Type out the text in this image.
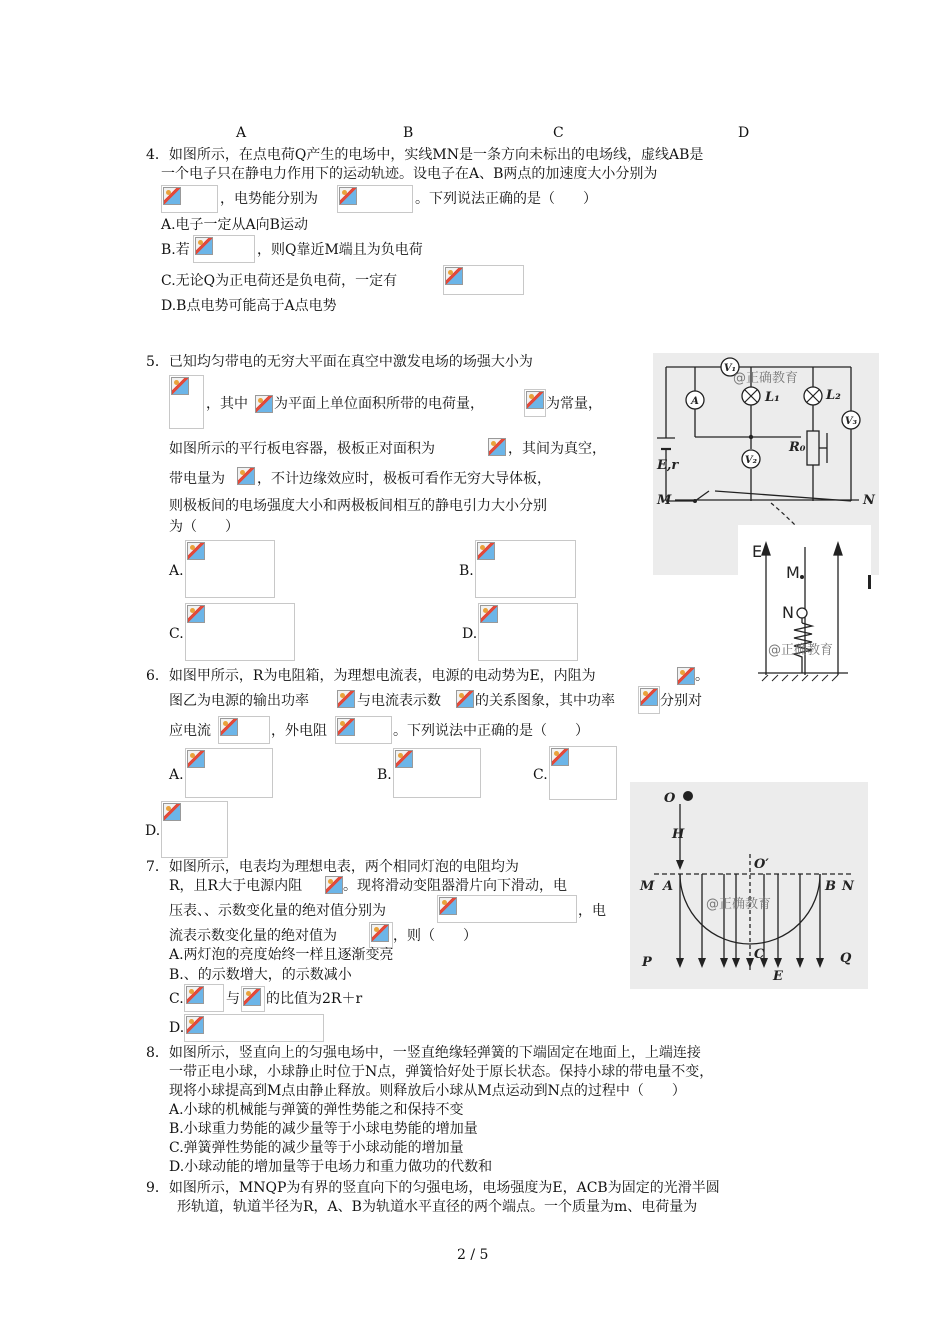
A	B	C	D
4．如图所示，在点电荷Q产生的电场中，实线MN是一条方向未标出的电场线，虚线AB是
一个电子只在静电力作用下的运动轨迹。设电子在A、B两点的加速度大小分别为
，电势能分别为	。下列说法正确的是（　　）
A.电子一定从A向B运动
B.若	，则Q靠近M端且为负电荷
C.无论Q为正电荷还是负电荷，一定有
D.B点电势可能高于A点电势
5．已知均匀带电的无穷大平面在真空中激发电场的场强大小为
，其中 为平面上单位面积所带的电荷量，	为常量，
如图所示的平行板电容器，极板正对面积为	，其间为真空，
带电量为 ，不计边缘效应时，极板可看作无穷大导体板，
则极板间的电场强度大小和两极板间相互的静电引力大小分别
为（　　）
A.	B.
C.	D.
6．如图甲所示，R为电阻箱，为理想电流表，电源的电动势为E，内阻为	。
图乙为电源的输出功率	与电流表示数 的关系图象，其中功率	分别对
应电流	，外电阻	。下列说法中正确的是（　　）
A.	B.	C.
D.
7．如图所示，电表均为理想电表，两个相同灯泡的电阻均为
R，且R大于电源内阻	。现将滑动变阻器滑片向下滑动，电
压表、、示数变化量的绝对值分别为	，电
流表示数变化量的绝对值为	，则（　　）
A.两灯泡的亮度始终一样且逐渐变亮
B.、的示数增大，的示数减小
C.	与 的比值为2R＋r
D.
8．如图所示，竖直向上的匀强电场中，一竖直绝缘轻弹簧的下端固定在地面上，上端连接
一带正电小球，小球静止时位于N点，弹簧恰好处于原长状态。保持小球的带电量不变，
现将小球提高到M点由静止释放。则释放后小球从M点运动到N点的过程中（　　）
A.小球的机械能与弹簧的弹性势能之和保持不变
B.小球重力势能的减少量等于小球电势能的增加量
C.弹簧弹性势能的减少量等于小球动能的增加量
D.小球动能的增加量等于电场力和重力做功的代数和
9．如图所示，MNQP为有界的竖直向下的匀强电场，电场强度为E，ACB为固定的光滑半圆
形轨道，轨道半径为R，A、B为轨道水平直径的两个端点。一个质量为m、电荷量为
2 / 5
V₁
A	L₁	L₂
V₃
E,r
R₀
V₂
@正确教育
M	N
E
M
N
@正确教育
O
H
O′
M A	B N
C
E
P	Q
@正确教育
